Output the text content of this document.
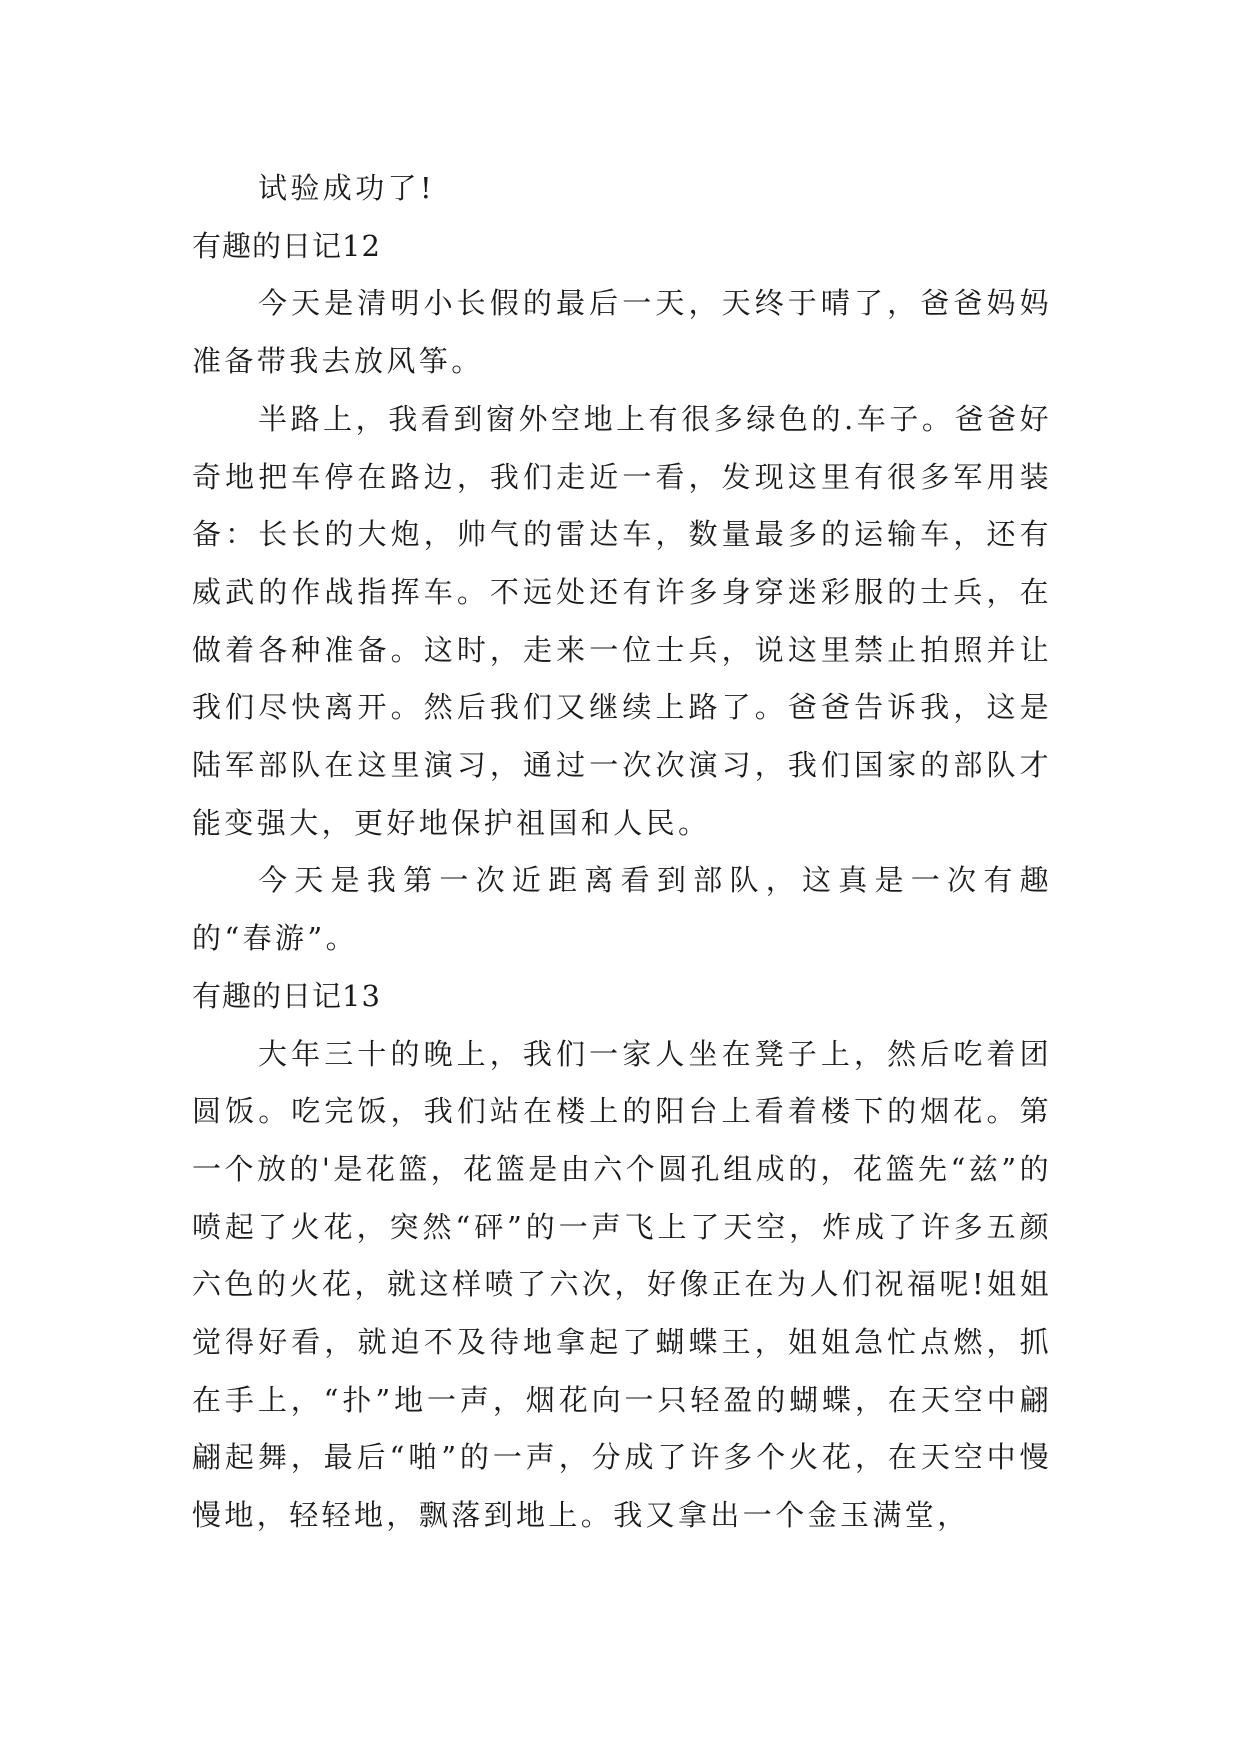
试验成功了!

有趣的日记12

今天是清明小长假的最后一天，天终于晴了，爸爸妈妈准备带我去放风筝。

半路上，我看到窗外空地上有很多绿色的.车子。爸爸好奇地把车停在路边，我们走近一看，发现这里有很多军用装备：长长的大炮，帅气的雷达车，数量最多的运输车，还有威武的作战指挥车。不远处还有许多身穿迷彩服的士兵，在做着各种准备。这时，走来一位士兵，说这里禁止拍照并让我们尽快离开。然后我们又继续上路了。爸爸告诉我，这是陆军部队在这里演习，通过一次次演习，我们国家的部队才能变强大，更好地保护祖国和人民。

今天是我第一次近距离看到部队，这真是一次有趣的“春游”。

有趣的日记13

大年三十的晚上，我们一家人坐在凳子上，然后吃着团圆饭。吃完饭，我们站在楼上的阳台上看着楼下的烟花。第一个放的'是花篮，花篮是由六个圆孔组成的，花篮先“兹”的喷起了火花，突然“砰”的一声飞上了天空，炸成了许多五颜六色的火花，就这样喷了六次，好像正在为人们祝福呢!姐姐觉得好看，就迫不及待地拿起了蝴蝶王，姐姐急忙点燃，抓在手上，“扑”地一声，烟花向一只轻盈的蝴蝶，在天空中翩翩起舞，最后“啪”的一声，分成了许多个火花，在天空中慢慢地，轻轻地，飘落到地上。我又拿出一个金玉满堂，
